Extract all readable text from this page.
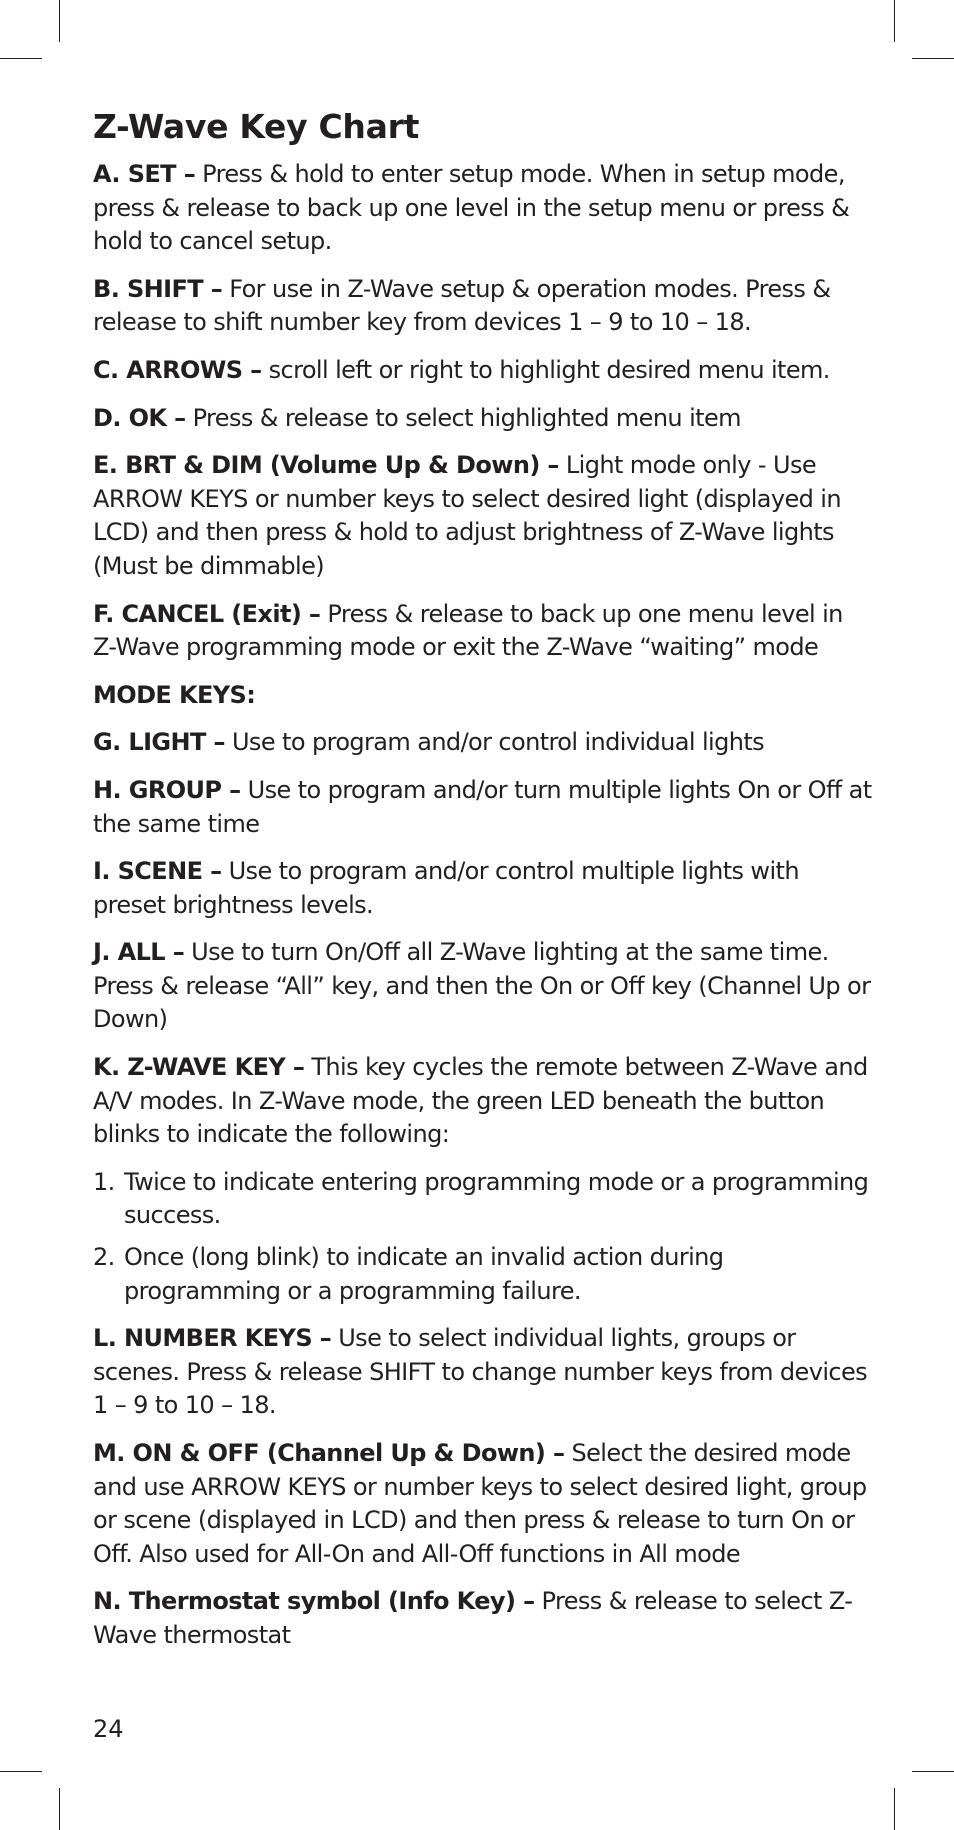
Z-Wave Key Chart
A. SET – Press & hold to enter setup mode. When in setup mode, press & release to back up one level in the setup menu or press & hold to cancel setup.
B. SHIFT – For use in Z-Wave setup & operation modes. Press & release to shift number key from devices 1 – 9 to 10 – 18.
C. ARROWS – scroll left or right to highlight desired menu item.
D. OK – Press & release to select highlighted menu item
E. BRT & DIM (Volume Up & Down) – Light mode only - Use ARROW KEYS or number keys to select desired light (displayed in LCD) and then press & hold to adjust brightness of Z-Wave lights (Must be dimmable)
F. CANCEL (Exit) – Press & release to back up one menu level in Z-Wave programming mode or exit the Z-Wave “waiting” mode
MODE KEYS:
G. LIGHT – Use to program and/or control individual lights
H. GROUP – Use to program and/or turn multiple lights On or Off at the same time
I. SCENE – Use to program and/or control multiple lights with preset brightness levels.
J. ALL – Use to turn On/Off all Z-Wave lighting at the same time. Press & release “All” key, and then the On or Off key (Channel Up or Down)
K. Z-WAVE KEY – This key cycles the remote between Z-Wave and A/V modes. In Z-Wave mode, the green LED beneath the button blinks to indicate the following:
1. Twice to indicate entering programming mode or a programming success.
2. Once (long blink) to indicate an invalid action during programming or a programming failure.
L. NUMBER KEYS – Use to select individual lights, groups or scenes. Press & release SHIFT to change number keys from devices 1 – 9 to 10 – 18.
M. ON & OFF (Channel Up & Down) – Select the desired mode and use ARROW KEYS or number keys to select desired light, group or scene (displayed in LCD) and then press & release to turn On or Off. Also used for All-On and All-Off functions in All mode
N. Thermostat symbol (Info Key) – Press & release to select Z-Wave thermostat
24
